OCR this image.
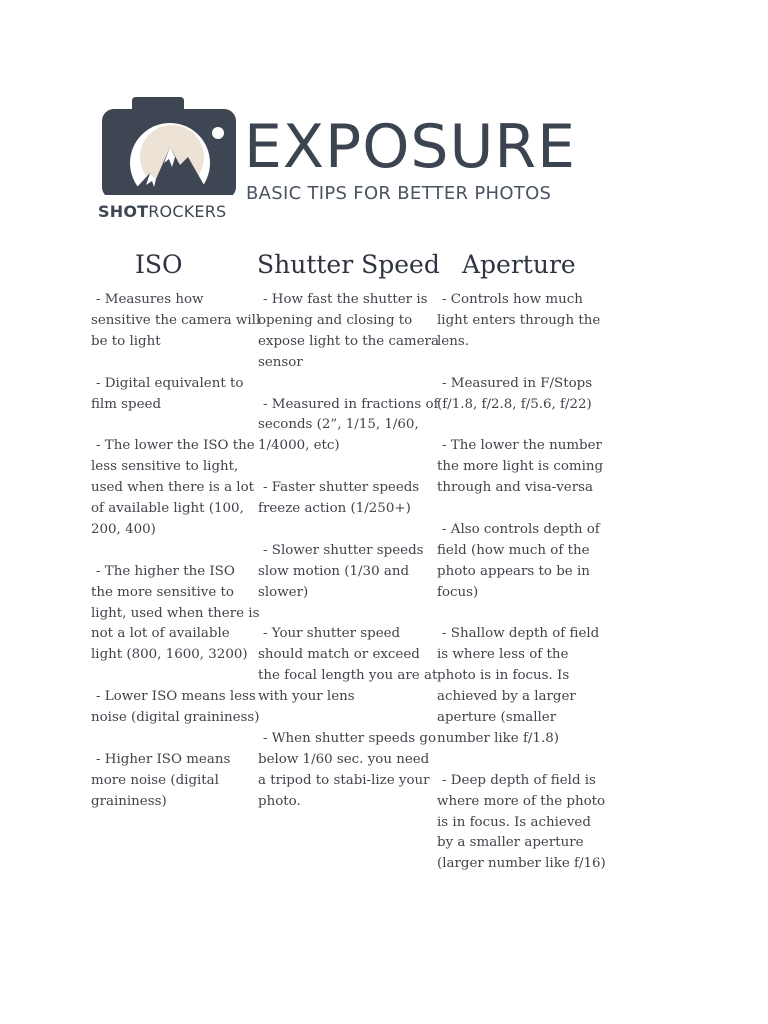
SHOTROCKERS
EXPOSURE
BASIC TIPS FOR BETTER PHOTOS
ISO	Shutter Speed Aperture

- Measures how sensitive the camera will be to light

- Digital equivalent to film speed

- The lower the ISO the less sensitive to light, used when there is a lot of available light (100, 200, 400)

- The higher the ISO the more sensitive to light, used when there is not a lot of available light (800, 1600, 3200)

- Lower ISO means less noise (digital graininess)

- Higher ISO means more noise (digital graininess)

- How fast the shutter is opening and closing to expose light to the camera sensor

- Measured in fractions of seconds (2”, 1/15, 1/60, 1/4000, etc)

- Faster shutter speeds freeze action (1/250+)

- Slower shutter speeds slow motion (1/30 and slower)

- Your shutter speed should match or exceed the focal length you are at with your lens

- When shutter speeds go below 1/60 sec. you need a tripod to stabi-lize your photo.

- Controls how much light enters through the lens.

- Measured in F/Stops (f/1.8, f/2.8, f/5.6, f/22)

- The lower the number the more light is coming through and visa-versa

- Also controls depth of field (how much of the photo appears to be in focus)

- Shallow depth of field is where less of the photo is in focus. Is achieved by a larger aperture (smaller number like f/1.8)

- Deep depth of field is where more of the photo is in focus. Is achieved by a smaller aperture (larger number like f/16)
